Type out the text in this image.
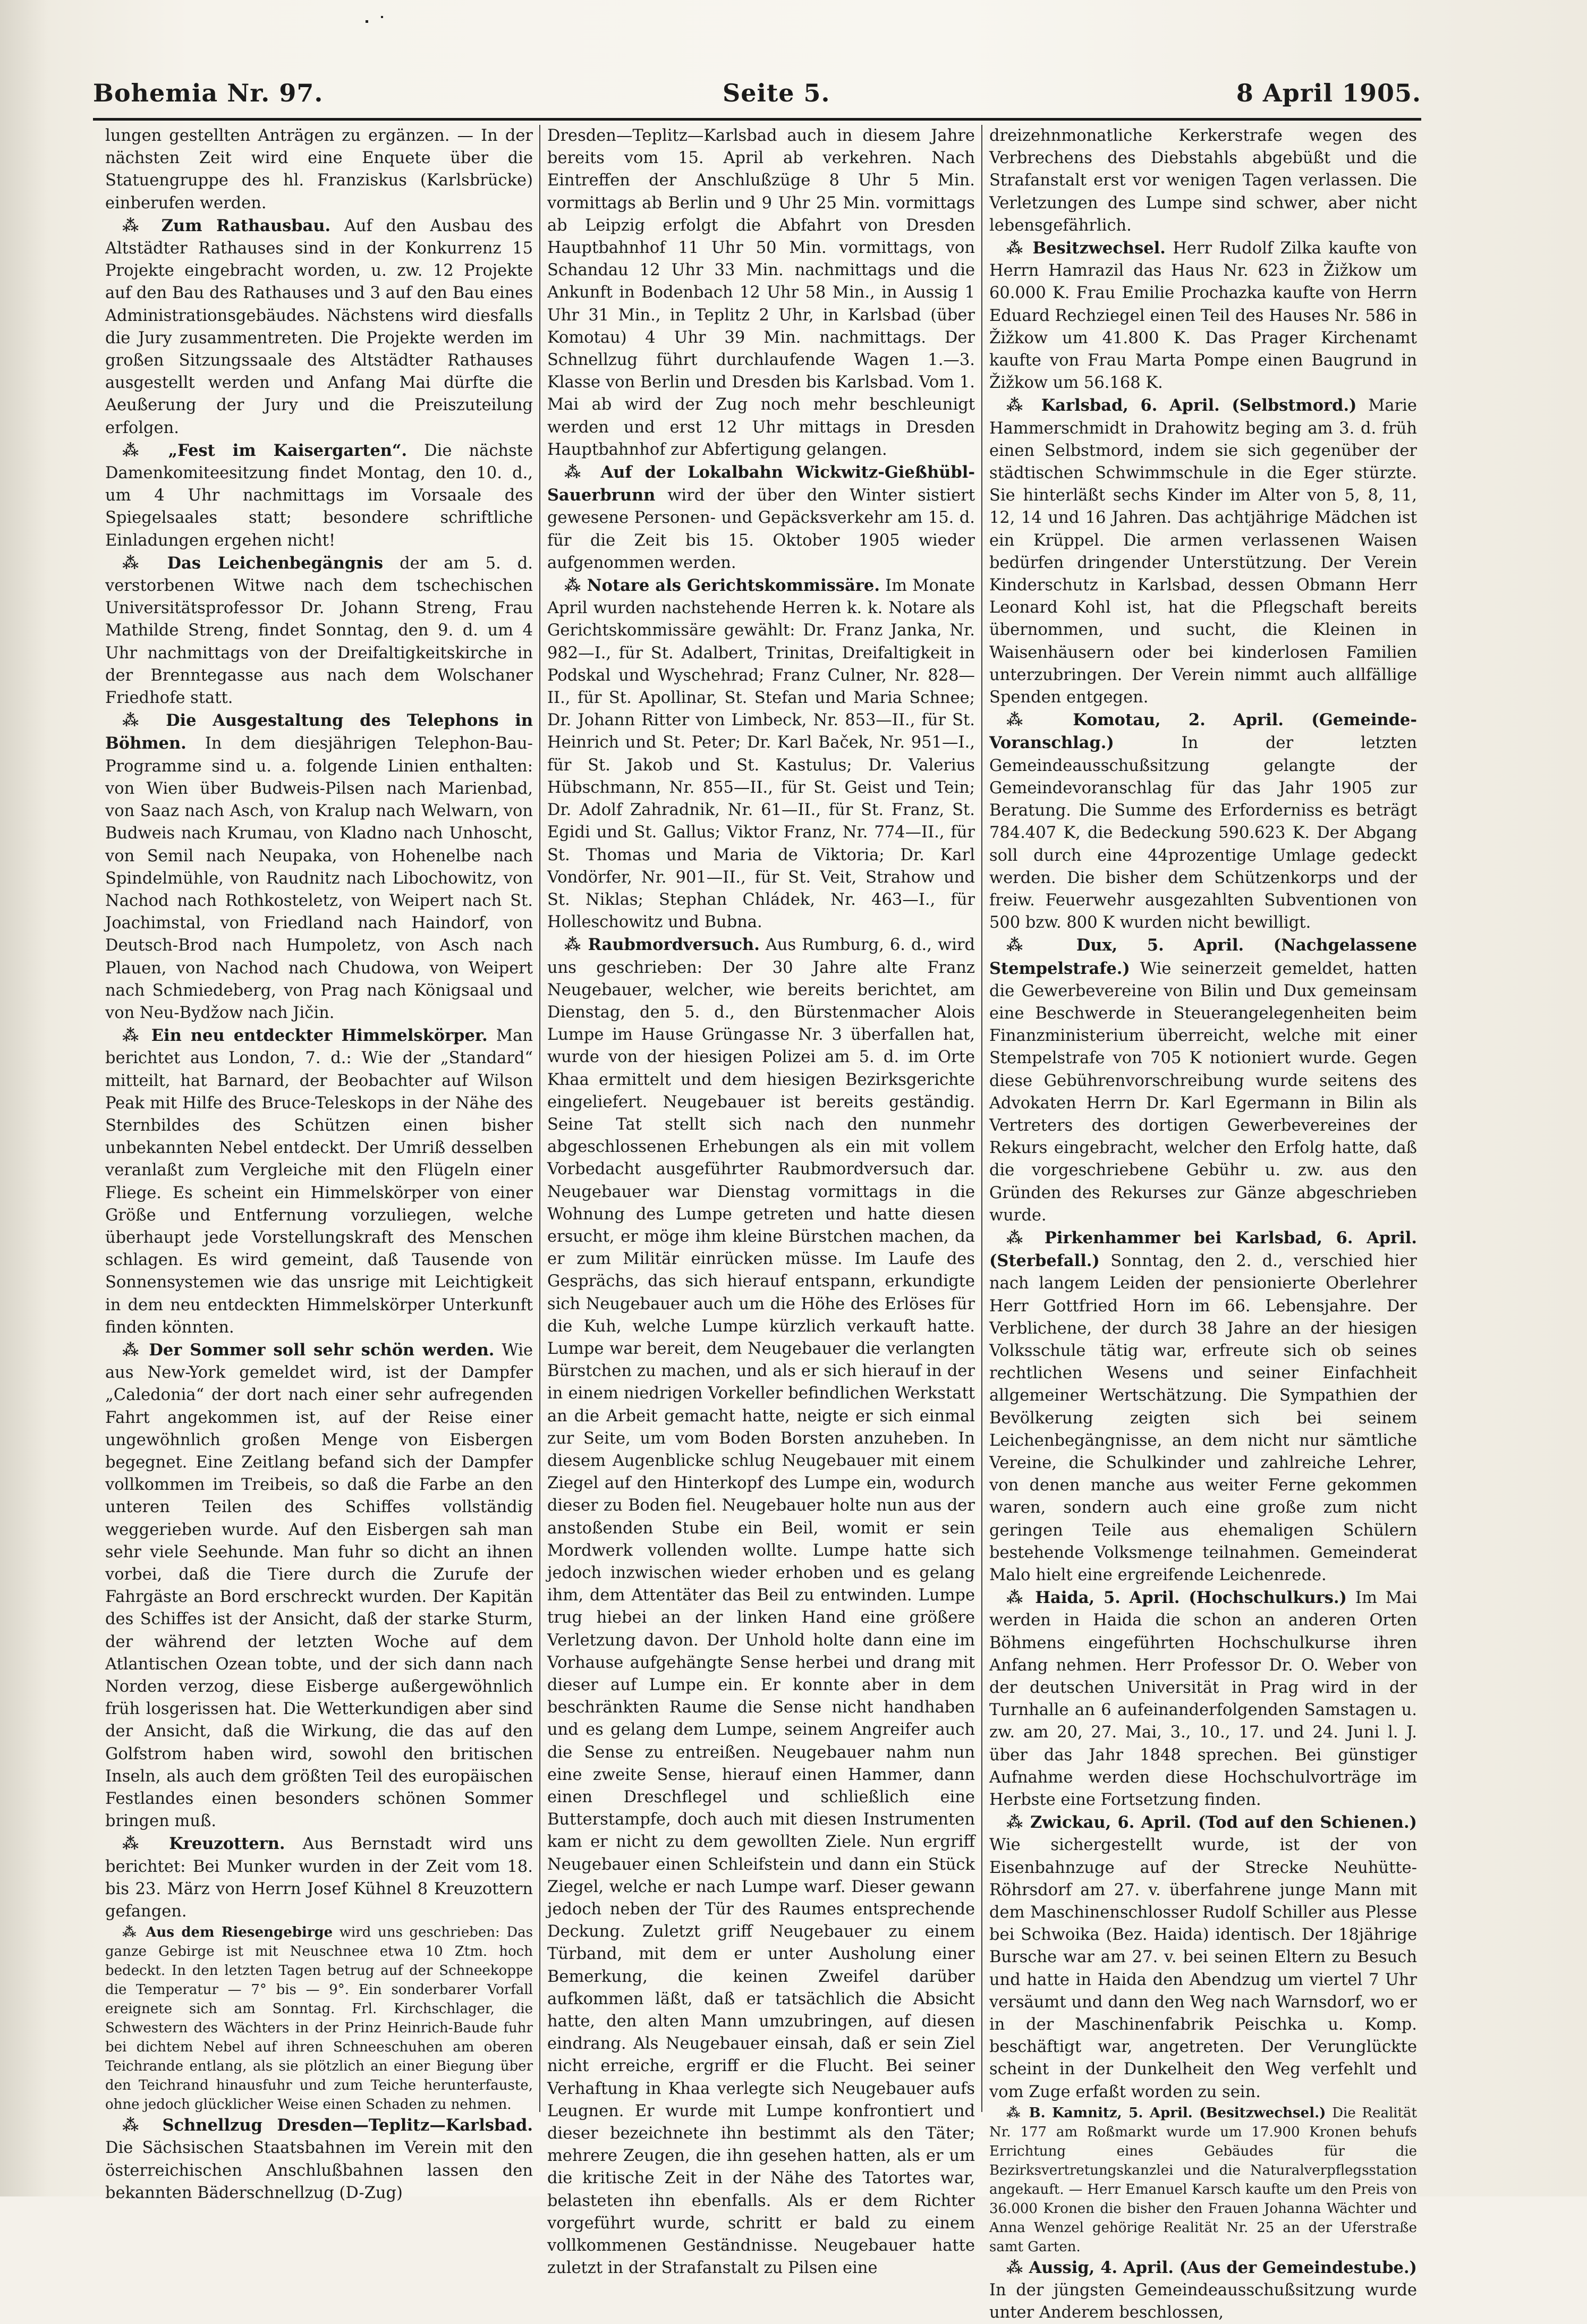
Bohemia Nr. 97.	Seite 5.	8 April 1905.

lungen gestellten Anträgen zu ergänzen. — In der nächsten Zeit wird eine Enquete über die Statuengruppe des hl. Franziskus (Karlsbrücke) einberufen werden.

⁂ Zum Rathausbau. Auf den Ausbau des Altstädter Rathauses sind in der Konkurrenz 15 Projekte eingebracht worden, u. zw. 12 Projekte auf den Bau des Rathauses und 3 auf den Bau eines Administrationsgebäudes. Nächstens wird diesfalls die Jury zusammentreten. Die Projekte werden im großen Sitzungssaale des Altstädter Rathauses ausgestellt werden und Anfang Mai dürfte die Aeußerung der Jury und die Preiszuteilung erfolgen.

⁂ „Fest im Kaisergarten“. Die nächste Damenkomiteesitzung findet Montag, den 10. d., um 4 Uhr nachmittags im Vorsaale des Spiegelsaales statt; besondere schriftliche Einladungen ergehen nicht!

⁂ Das Leichenbegängnis der am 5. d. verstorbenen Witwe nach dem tschechischen Universitätsprofessor Dr. Johann Streng, Frau Mathilde Streng, findet Sonntag, den 9. d. um 4 Uhr nachmittags von der Dreifaltigkeitskirche in der Brenntegasse aus nach dem Wolschaner Friedhofe statt.

⁂ Die Ausgestaltung des Telephons in Böhmen. In dem diesjährigen Telephon-Bau-Programme sind u. a. folgende Linien enthalten: von Wien über Budweis-Pilsen nach Marienbad, von Saaz nach Asch, von Kralup nach Welwarn, von Budweis nach Krumau, von Kladno nach Unhoscht, von Semil nach Neupaka, von Hohenelbe nach Spindelmühle, von Raudnitz nach Libochowitz, von Nachod nach Rothkosteletz, von Weipert nach St. Joachimstal, von Friedland nach Haindorf, von Deutsch-Brod nach Humpoletz, von Asch nach Plauen, von Nachod nach Chudowa, von Weipert nach Schmiedeberg, von Prag nach Königsaal und von Neu-Bydžow nach Jičin.

⁂ Ein neu entdeckter Himmelskörper. Man berichtet aus London, 7. d.: Wie der „Standard“ mitteilt, hat Barnard, der Beobachter auf Wilson Peak mit Hilfe des Bruce-Teleskops in der Nähe des Sternbildes des Schützen einen bisher unbekannten Nebel entdeckt. Der Umriß desselben veranlaßt zum Vergleiche mit den Flügeln einer Fliege. Es scheint ein Himmelskörper von einer Größe und Entfernung vorzuliegen, welche überhaupt jede Vorstellungskraft des Menschen schlagen. Es wird gemeint, daß Tausende von Sonnensystemen wie das unsrige mit Leichtigkeit in dem neu entdeckten Himmelskörper Unterkunft finden könnten.

⁂ Der Sommer soll sehr schön werden. Wie aus New-York gemeldet wird, ist der Dampfer „Caledonia“ der dort nach einer sehr aufregenden Fahrt angekommen ist, auf der Reise einer ungewöhnlich großen Menge von Eisbergen begegnet. Eine Zeitlang befand sich der Dampfer vollkommen im Treibeis, so daß die Farbe an den unteren Teilen des Schiffes vollständig weggerieben wurde. Auf den Eisbergen sah man sehr viele Seehunde. Man fuhr so dicht an ihnen vorbei, daß die Tiere durch die Zurufe der Fahrgäste an Bord erschreckt wurden. Der Kapitän des Schiffes ist der Ansicht, daß der starke Sturm, der während der letzten Woche auf dem Atlantischen Ozean tobte, und der sich dann nach Norden verzog, diese Eisberge außergewöhnlich früh losgerissen hat. Die Wetterkundigen aber sind der Ansicht, daß die Wirkung, die das auf den Golfstrom haben wird, sowohl den britischen Inseln, als auch dem größten Teil des europäischen Festlandes einen besonders schönen Sommer bringen muß.

⁂ Kreuzottern. Aus Bernstadt wird uns berichtet: Bei Munker wurden in der Zeit vom 18. bis 23. März von Herrn Josef Kühnel 8 Kreuzottern gefangen.

⁂ Aus dem Riesengebirge wird uns geschrieben: Das ganze Gebirge ist mit Neuschnee etwa 10 Ztm. hoch bedeckt. In den letzten Tagen betrug auf der Schneekoppe die Temperatur — 7° bis — 9°. Ein sonderbarer Vorfall ereignete sich am Sonntag. Frl. Kirchschlager, die Schwestern des Wächters in der Prinz Heinrich-Baude fuhr bei dichtem Nebel auf ihren Schneeschuhen am oberen Teichrande entlang, als sie plötzlich an einer Biegung über den Teichrand hinausfuhr und zum Teiche herunterfauste, ohne jedoch glücklicher Weise einen Schaden zu nehmen.

⁂ Schnellzug Dresden—Teplitz—Karlsbad. Die Sächsischen Staatsbahnen im Verein mit den österreichischen Anschlußbahnen lassen den bekannten Bäderschnellzug (D-Zug)

Dresden—Teplitz—Karlsbad auch in diesem Jahre bereits vom 15. April ab verkehren. Nach Eintreffen der Anschlußzüge 8 Uhr 5 Min. vormittags ab Berlin und 9 Uhr 25 Min. vormittags ab Leipzig erfolgt die Abfahrt von Dresden Hauptbahnhof 11 Uhr 50 Min. vormittags, von Schandau 12 Uhr 33 Min. nachmittags und die Ankunft in Bodenbach 12 Uhr 58 Min., in Aussig 1 Uhr 31 Min., in Teplitz 2 Uhr, in Karlsbad (über Komotau) 4 Uhr 39 Min. nachmittags. Der Schnellzug führt durchlaufende Wagen 1.—3. Klasse von Berlin und Dresden bis Karlsbad. Vom 1. Mai ab wird der Zug noch mehr beschleunigt werden und erst 12 Uhr mittags in Dresden Hauptbahnhof zur Abfertigung gelangen.

⁂ Auf der Lokalbahn Wickwitz-Gießhübl-Sauerbrunn wird der über den Winter sistiert gewesene Personen- und Gepäcksverkehr am 15. d. für die Zeit bis 15. Oktober 1905 wieder aufgenommen werden.

⁂ Notare als Gerichtskommissäre. Im Monate April wurden nachstehende Herren k. k. Notare als Gerichtskommissäre gewählt: Dr. Franz Janka, Nr. 982—I., für St. Adalbert, Trinitas, Dreifaltigkeit in Podskal und Wyschehrad; Franz Culner, Nr. 828—II., für St. Apollinar, St. Stefan und Maria Schnee; Dr. Johann Ritter von Limbeck, Nr. 853—II., für St. Heinrich und St. Peter; Dr. Karl Baček, Nr. 951—I., für St. Jakob und St. Kastulus; Dr. Valerius Hübschmann, Nr. 855—II., für St. Geist und Tein; Dr. Adolf Zahradnik, Nr. 61—II., für St. Franz, St. Egidi und St. Gallus; Viktor Franz, Nr. 774—II., für St. Thomas und Maria de Viktoria; Dr. Karl Vondörfer, Nr. 901—II., für St. Veit, Strahow und St. Niklas; Stephan Chládek, Nr. 463—I., für Holleschowitz und Bubna.

⁂ Raubmordversuch. Aus Rumburg, 6. d., wird uns geschrieben: Der 30 Jahre alte Franz Neugebauer, welcher, wie bereits berichtet, am Dienstag, den 5. d., den Bürstenmacher Alois Lumpe im Hause Grüngasse Nr. 3 überfallen hat, wurde von der hiesigen Polizei am 5. d. im Orte Khaa ermittelt und dem hiesigen Bezirksgerichte eingeliefert. Neugebauer ist bereits geständig. Seine Tat stellt sich nach den nunmehr abgeschlossenen Erhebungen als ein mit vollem Vorbedacht ausgeführter Raubmordversuch dar. Neugebauer war Dienstag vormittags in die Wohnung des Lumpe getreten und hatte diesen ersucht, er möge ihm kleine Bürstchen machen, da er zum Militär einrücken müsse. Im Laufe des Gesprächs, das sich hierauf entspann, erkundigte sich Neugebauer auch um die Höhe des Erlöses für die Kuh, welche Lumpe kürzlich verkauft hatte. Lumpe war bereit, dem Neugebauer die verlangten Bürstchen zu machen, und als er sich hierauf in der in einem niedrigen Vorkeller befindlichen Werkstatt an die Arbeit gemacht hatte, neigte er sich einmal zur Seite, um vom Boden Borsten anzuheben. In diesem Augenblicke schlug Neugebauer mit einem Ziegel auf den Hinterkopf des Lumpe ein, wodurch dieser zu Boden fiel. Neugebauer holte nun aus der anstoßenden Stube ein Beil, womit er sein Mordwerk vollenden wollte. Lumpe hatte sich jedoch inzwischen wieder erhoben und es gelang ihm, dem Attentäter das Beil zu entwinden. Lumpe trug hiebei an der linken Hand eine größere Verletzung davon. Der Unhold holte dann eine im Vorhause aufgehängte Sense herbei und drang mit dieser auf Lumpe ein. Er konnte aber in dem beschränkten Raume die Sense nicht handhaben und es gelang dem Lumpe, seinem Angreifer auch die Sense zu entreißen. Neugebauer nahm nun eine zweite Sense, hierauf einen Hammer, dann einen Dreschflegel und schließlich eine Butterstampfe, doch auch mit diesen Instrumenten kam er nicht zu dem gewollten Ziele. Nun ergriff Neugebauer einen Schleifstein und dann ein Stück Ziegel, welche er nach Lumpe warf. Dieser gewann jedoch neben der Tür des Raumes entsprechende Deckung. Zuletzt griff Neugebauer zu einem Türband, mit dem er unter Ausholung einer Bemerkung, die keinen Zweifel darüber aufkommen läßt, daß er tatsächlich die Absicht hatte, den alten Mann umzubringen, auf diesen eindrang. Als Neugebauer einsah, daß er sein Ziel nicht erreiche, ergriff er die Flucht. Bei seiner Verhaftung in Khaa verlegte sich Neugebauer aufs Leugnen. Er wurde mit Lumpe konfrontiert und dieser bezeichnete ihn bestimmt als den Täter; mehrere Zeugen, die ihn gesehen hatten, als er um die kritische Zeit in der Nähe des Tatortes war, belasteten ihn ebenfalls. Als er dem Richter vorgeführt wurde, schritt er bald zu einem vollkommenen Geständnisse. Neugebauer hatte zuletzt in der Strafanstalt zu Pilsen eine

dreizehnmonatliche Kerkerstrafe wegen des Verbrechens des Diebstahls abgebüßt und die Strafanstalt erst vor wenigen Tagen verlassen. Die Verletzungen des Lumpe sind schwer, aber nicht lebensgefährlich.

⁂ Besitzwechsel. Herr Rudolf Zilka kaufte von Herrn Hamrazil das Haus Nr. 623 in Žižkow um 60.000 K. Frau Emilie Prochazka kaufte von Herrn Eduard Rechziegel einen Teil des Hauses Nr. 586 in Žižkow um 41.800 K. Das Prager Kirchenamt kaufte von Frau Marta Pompe einen Baugrund in Žižkow um 56.168 K.

⁂ Karlsbad, 6. April. (Selbstmord.) Marie Hammerschmidt in Drahowitz beging am 3. d. früh einen Selbstmord, indem sie sich gegenüber der städtischen Schwimmschule in die Eger stürzte. Sie hinterläßt sechs Kinder im Alter von 5, 8, 11, 12, 14 und 16 Jahren. Das achtjährige Mädchen ist ein Krüppel. Die armen verlassenen Waisen bedürfen dringender Unterstützung. Der Verein Kinderschutz in Karlsbad, dessen Obmann Herr Leonard Kohl ist, hat die Pflegschaft bereits übernommen, und sucht, die Kleinen in Waisenhäusern oder bei kinderlosen Familien unterzubringen. Der Verein nimmt auch allfällige Spenden entgegen.

⁂ Komotau, 2. April. (Gemeinde-Voranschlag.)	In der letzten Gemeindeausschußsitzung gelangte der Gemeindevoranschlag für das Jahr 1905 zur Beratung. Die Summe des Erforderniss es beträgt 784.407 K, die Bedeckung 590.623 K. Der Abgang soll durch eine 44prozentige Umlage gedeckt werden. Die bisher dem Schützenkorps und der freiw. Feuerwehr ausgezahlten Subventionen von 500 bzw. 800 K wurden nicht bewilligt.

⁂ Dux, 5. April. (Nachgelassene Stempelstrafe.) Wie seinerzeit gemeldet, hatten die Gewerbevereine von Bilin und Dux gemeinsam eine Beschwerde in Steuerangelegenheiten beim Finanzministerium überreicht, welche mit einer Stempelstrafe von 705 K notioniert wurde. Gegen diese Gebührenvorschreibung wurde seitens des Advokaten Herrn Dr. Karl Egermann in Bilin als Vertreters des dortigen Gewerbevereines der Rekurs eingebracht, welcher den Erfolg hatte, daß die vorgeschriebene Gebühr u. zw. aus den Gründen des Rekurses zur Gänze abgeschrieben wurde.

⁂ Pirkenhammer bei Karlsbad, 6. April. (Sterbefall.) Sonntag, den 2. d., verschied hier nach langem Leiden der pensionierte Oberlehrer Herr Gottfried Horn im 66. Lebensjahre. Der Verblichene, der durch 38 Jahre an der hiesigen Volksschule tätig war, erfreute sich ob seines rechtlichen Wesens und seiner Einfachheit allgemeiner Wertschätzung. Die Sympathien der Bevölkerung zeigten sich bei seinem Leichenbegängnisse, an dem nicht nur sämtliche Vereine, die Schulkinder und zahlreiche Lehrer, von denen manche aus weiter Ferne gekommen waren, sondern auch eine große zum nicht geringen Teile aus ehemaligen Schülern bestehende Volksmenge teilnahmen. Gemeinderat Malo hielt eine ergreifende Leichenrede.

⁂ Haida, 5. April. (Hochschulkurs.) Im Mai werden in Haida die schon an anderen Orten Böhmens eingeführten Hochschulkurse ihren Anfang nehmen. Herr Professor Dr. O. Weber von der deutschen Universität in Prag wird in der Turnhalle an 6 aufeinanderfolgenden Samstagen u. zw. am 20, 27. Mai, 3., 10., 17. und 24. Juni l. J. über das Jahr 1848 sprechen. Bei günstiger Aufnahme werden diese Hochschulvorträge im Herbste eine Fortsetzung finden.

⁂ Zwickau, 6. April. (Tod auf den Schienen.) Wie sichergestellt wurde, ist der von Eisenbahnzuge auf der Strecke Neuhütte-Röhrsdorf am 27. v. überfahrene junge Mann mit dem Maschinenschlosser Rudolf Schiller aus Plesse bei Schwoika (Bez. Haida) identisch. Der 18jährige Bursche war am 27. v. bei seinen Eltern zu Besuch und hatte in Haida den Abendzug um viertel 7 Uhr versäumt und dann den Weg nach Warnsdorf, wo er in der Maschinenfabrik Peischka u. Komp. beschäftigt war, angetreten. Der Verunglückte scheint in der Dunkelheit den Weg verfehlt und vom Zuge erfaßt worden zu sein.

⁂ B. Kamnitz, 5. April. (Besitzwechsel.) Die Realität Nr. 177 am Roßmarkt wurde um 17.900 Kronen behufs Errichtung eines Gebäudes für die Bezirksvertretungskanzlei und die Naturalverpflegsstation angekauft. — Herr Emanuel Karsch kaufte um den Preis von 36.000 Kronen die bisher den Frauen Johanna Wächter und Anna Wenzel gehörige Realität Nr. 25 an der Uferstraße samt Garten.

⁂ Aussig, 4. April. (Aus der Gemeindestube.) In der jüngsten Gemeindeausschußsitzung wurde unter Anderem beschlossen,
